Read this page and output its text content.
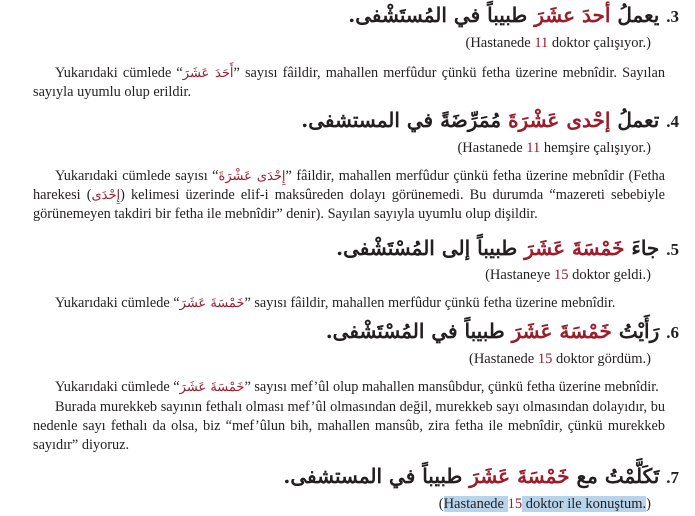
3. يعملُ أحدَ عشَرَ طبيباً في المُستَشْفى.
(Hastanede 11 doktor çalışıyor.)
Yukarıdaki cümlede “أَحَدَ عَشَرَ” sayısı fâildir, mahallen merfûdur çünkü fetha üzerine mebnîdir. Sayılan sayıyla uyumlu olup erildir.
4. تعملُ إحْدى عَشْرَةَ مُمَرِّضَةً في المستشفى.
(Hastanede 11 hemşire çalışıyor.)
Yukarıdaki cümlede sayısı “إِحْدَى عَشْرَةَ” fâildir, mahallen merfûdur çünkü fetha üzerine mebnîdir (Fetha harekesi (إِحْدَى) kelimesi üzerinde elif-i maksûreden dolayı görünemedi. Bu durumda “mazereti sebebiyle görünemeyen takdiri bir fetha ile mebnîdir” denir). Sayılan sayıyla uyumlu olup dişildir.
5. جاءَ خَمْسَةَ عَشَرَ طبيباً إلى المُسْتَشْفى.
(Hastaneye 15 doktor geldi.)
Yukarıdaki cümlede “خَمْسَةَ عَشَرَ” sayısı fâildir, mahallen merfûdur çünkü fetha üzerine mebnîdir.
6. رَأَيْتُ خَمْسَةَ عَشَرَ طبيباً في المُسْتَشْفى.
(Hastanede 15 doktor gördüm.)
Yukarıdaki cümlede “خَمْسَةَ عَشَرَ” sayısı mef’ûl olup mahallen mansûbdur, çünkü fetha üzerine mebnîdir.
Burada murekkeb sayının fethalı olması mef’ûl olmasından değil, murekkeb sayı olmasından dolayıdır, bu nedenle sayı fethalı da olsa, biz “mef’ûlun bih, mahallen mansûb, zira fetha ile mebnîdir, çünkü murekkeb sayıdır” diyoruz.
7. تَكَلَّمْتُ مع خَمْسَةَ عَشَرَ طبيباً في المستشفى.
(Hastanede 15 doktor ile konuştum.)
